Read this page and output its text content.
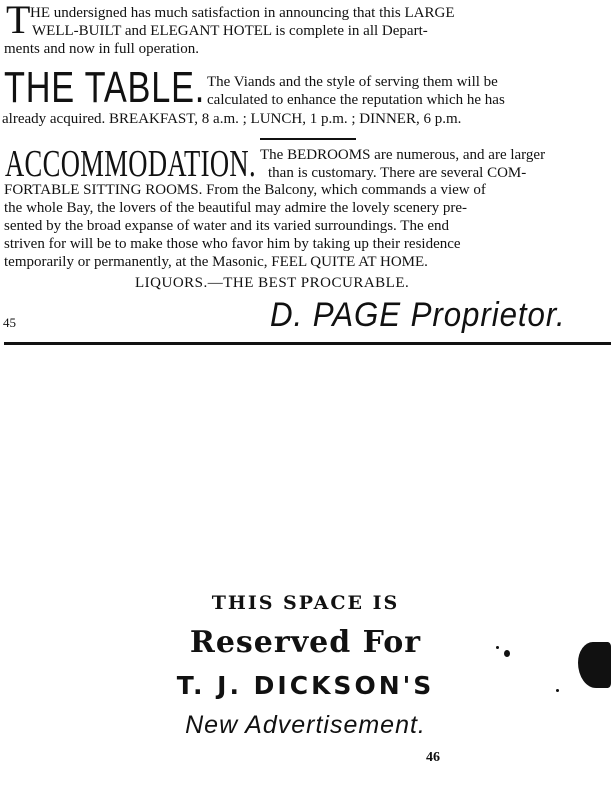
T HE undersigned has much satisfaction in announcing that this LARGE
WELL-BUILT and ELEGANT HOTEL is complete in all Depart-
ments and now in full operation.
THE TABLE. The Viands and the style of serving them will be
calculated to enhance the reputation which he has
already acquired. BREAKFAST, 8 a.m. ; LUNCH, 1 p.m. ; DINNER, 6 p.m.
ACCOMMODATION. The BEDROOMS are numerous, and are larger
than is customary. There are several COM-
FORTABLE SITTING ROOMS. From the Balcony, which commands a view of
the whole Bay, the lovers of the beautiful may admire the lovely scenery pre-
sented by the broad expanse of water and its varied surroundings. The end
striven for will be to make those who favor him by taking up their residence
temporarily or permanently, at the Masonic, FEEL QUITE AT HOME.
LIQUORS.—THE BEST PROCURABLE.
45	D. PAGE Proprietor.
THIS SPACE IS
Reserved For
T. J. DICKSON'S
New Advertisement.
46
